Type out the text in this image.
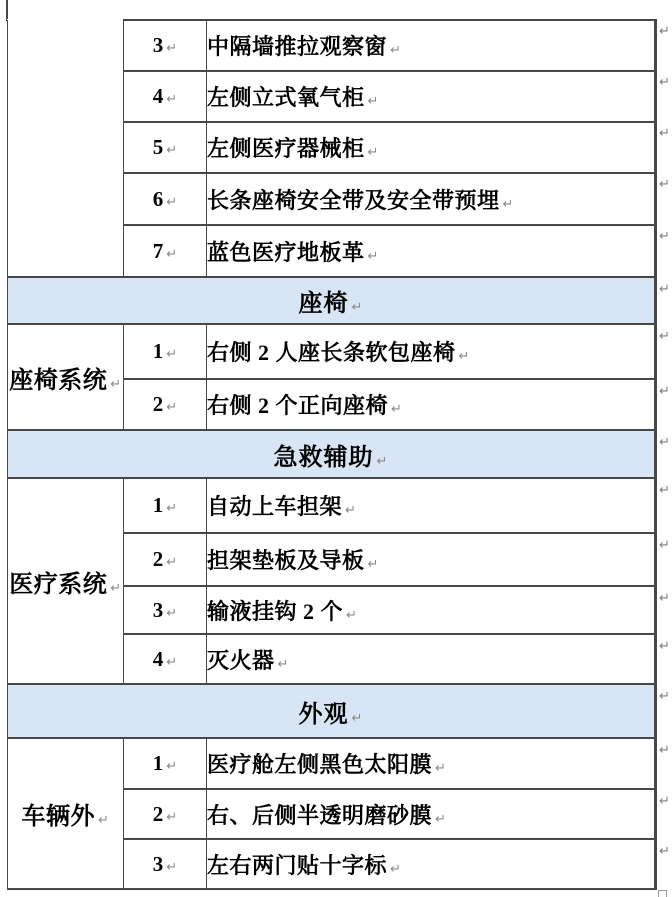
	3 ↵	中隔墙推拉观察窗 ↵
	4 ↵	左侧立式氧气柜 ↵
	5 ↵	左侧医疗器械柜 ↵
	6 ↵	长条座椅安全带及安全带预埋 ↵
	7 ↵	蓝色医疗地板革 ↵
座椅 ↵		
座椅系统 ↵	1 ↵	右侧 2 人座长条软包座椅 ↵
	2 ↵	右侧 2 个正向座椅 ↵
急救辅助 ↵		
医疗系统 ↵	1 ↵	自动上车担架 ↵
	2 ↵	担架垫板及导板 ↵
	3 ↵	输液挂钩 2 个 ↵
	4 ↵	灭火器 ↵
外观 ↵		
车辆外 ↵	1 ↵	医疗舱左侧黑色太阳膜 ↵
	2 ↵	右、后侧半透明磨砂膜 ↵
	3 ↵	左右两门贴十字标 ↵
↵
↵
↵
↵
↵
↵
↵
↵
↵
↵
↵
↵
↵
↵
↵
↵
↵
